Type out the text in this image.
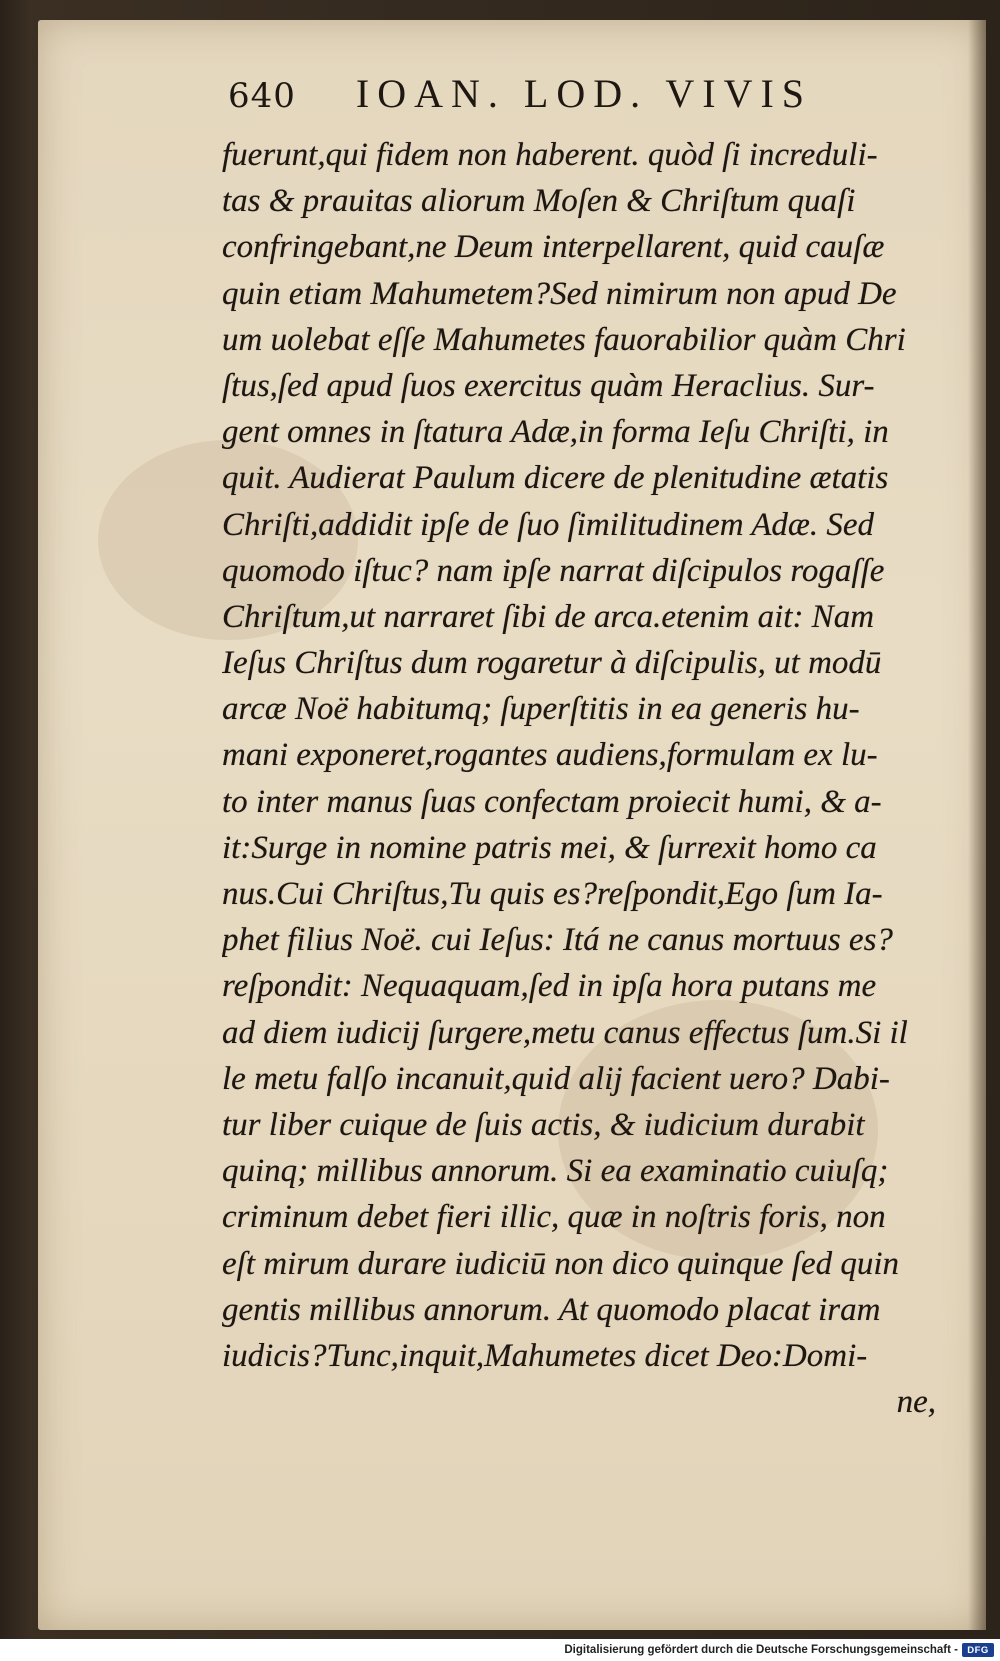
640 IOAN. LOD. VIVIS
fuerunt,qui fidem non haberent. quòd ſi increduli-
tas & prauitas aliorum Moſen & Chriſtum quaſi
confringebant,ne Deum interpellarent, quid cauſæ
quin etiam Mahumetem?Sed nimirum non apud De
um uolebat eſſe Mahumetes fauorabilior quàm Chri
ſtus,ſed apud ſuos exercitus quàm Heraclius. Sur-
gent omnes in ſtatura Adæ,in forma Ieſu Chriſti, in
quit. Audierat Paulum dicere de plenitudine ætatis
Chriſti,addidit ipſe de ſuo ſimilitudinem Adæ. Sed
quomodo iſtuc? nam ipſe narrat diſcipulos rogaſſe
Chriſtum,ut narraret ſibi de arca.etenim ait: Nam
Ieſus Chriſtus dum rogaretur à diſcipulis, ut modū
arcæ Noë habitumq; ſuperſtitis in ea generis hu-
mani exponeret,rogantes audiens,formulam ex lu-
to inter manus ſuas confectam proiecit humi, & a-
it:Surge in nomine patris mei, & ſurrexit homo ca
nus.Cui Chriſtus,Tu quis es?reſpondit,Ego ſum Ia-
phet filius Noë. cui Ieſus: Itá ne canus mortuus es?
reſpondit: Nequaquam,ſed in ipſa hora putans me
ad diem iudicij ſurgere,metu canus effectus ſum.Si il
le metu falſo incanuit,quid alij facient uero? Dabi-
tur liber cuique de ſuis actis, & iudicium durabit
quinq; millibus annorum. Si ea examinatio cuiuſq;
criminum debet fieri illic, quæ in noſtris foris, non
eſt mirum durare iudiciū non dico quinque ſed quin
gentis millibus annorum. At quomodo placat iram
iudicis?Tunc,inquit,Mahumetes dicet Deo:Domi-
ne,
Digitalisierung gefördert durch die Deutsche Forschungsgemeinschaft - DFG
